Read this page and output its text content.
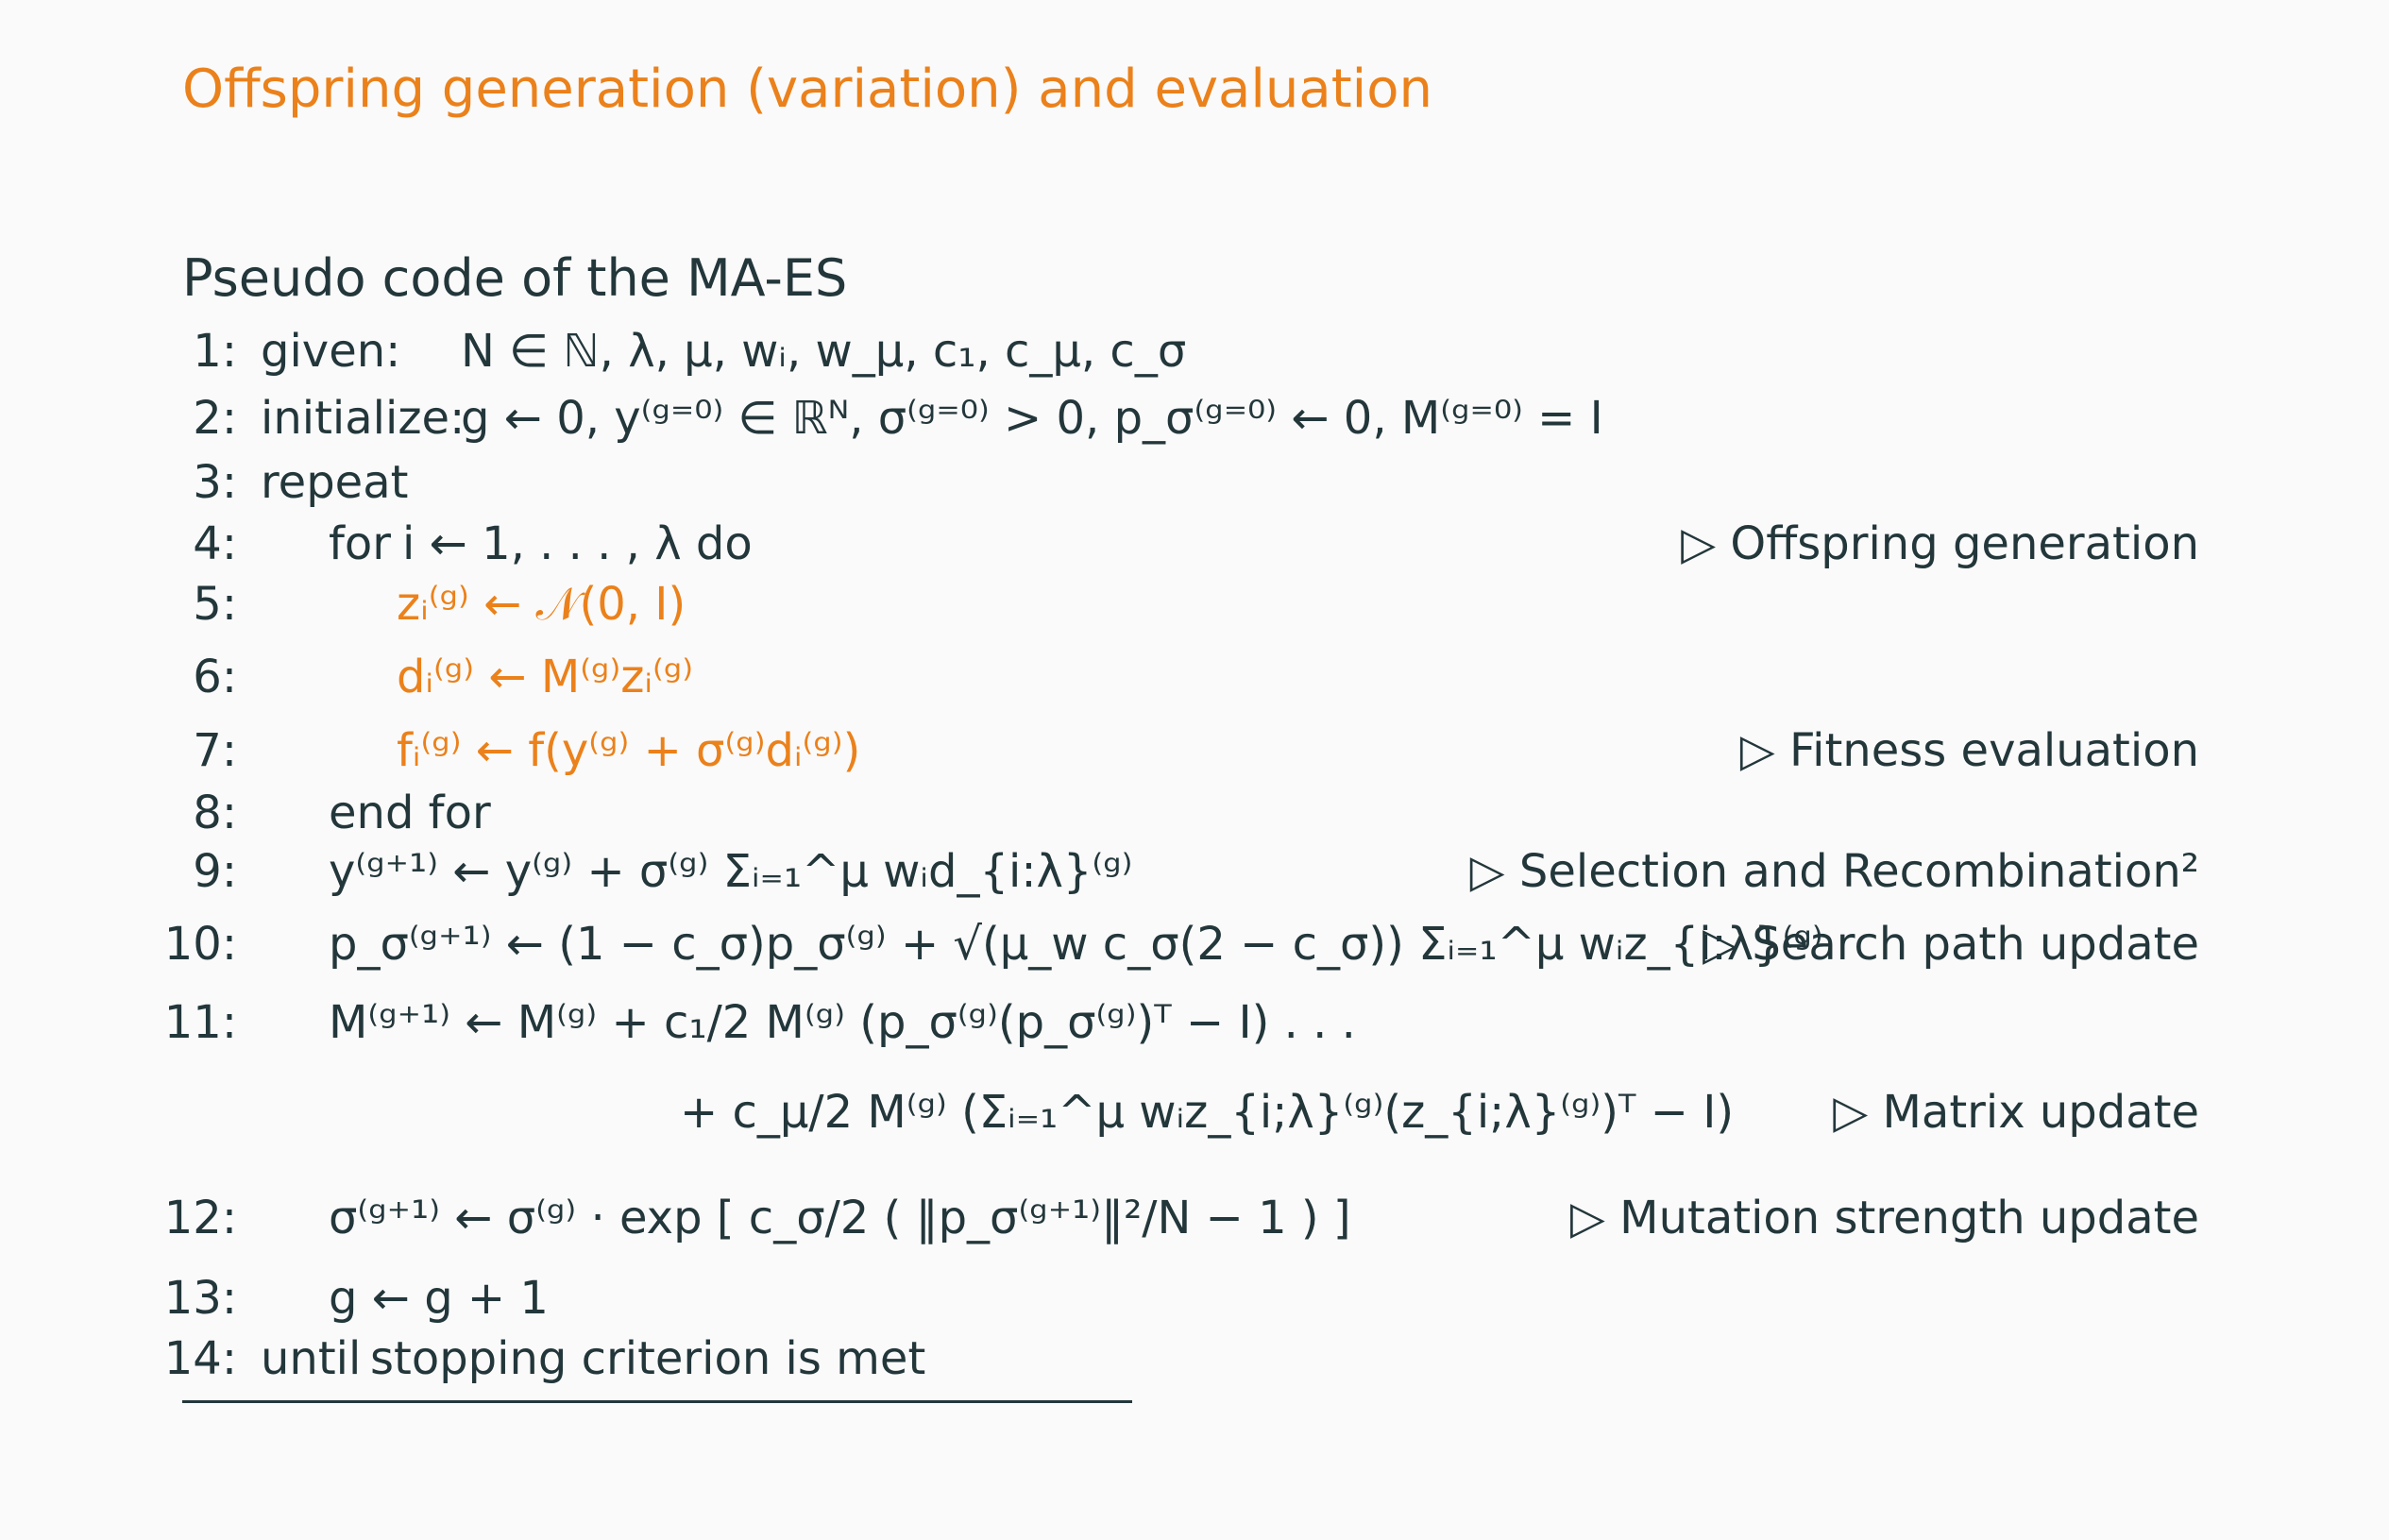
Offspring generation (variation) and evaluation
Pseudo code of the MA-ES
1: given: N ∈ ℕ, λ, μ, wᵢ, w_μ, c₁, c_μ, c_σ
2: initialize:
g ← 0, y⁽ᵍ⁼⁰⁾ ∈ ℝᴺ, σ⁽ᵍ⁼⁰⁾ > 0, p_σ⁽ᵍ⁼⁰⁾ ← 0, M⁽ᵍ⁼⁰⁾ = I
3: repeat
4: for i ← 1, . . . , λ do	▷ Offspring generation
5:	zᵢ⁽ᵍ⁾ ← 𝒩(0, I)
6:	dᵢ⁽ᵍ⁾ ← M⁽ᵍ⁾zᵢ⁽ᵍ⁾
7:	fᵢ⁽ᵍ⁾ ← f(y⁽ᵍ⁾ + σ⁽ᵍ⁾dᵢ⁽ᵍ⁾)	▷ Fitness evaluation
8: end for
9: y⁽ᵍ⁺¹⁾ ← y⁽ᵍ⁾ + σ⁽ᵍ⁾ Σᵢ₌₁^μ wᵢd_{i:λ}⁽ᵍ⁾	▷ Selection and Recombination²
10: p_σ⁽ᵍ⁺¹⁾ ← (1 − c_σ)p_σ⁽ᵍ⁾ + √(μ_w c_σ(2 − c_σ)) Σᵢ₌₁^μ wᵢz_{i:λ}⁽ᵍ⁾
▷ Search path update
11: M⁽ᵍ⁺¹⁾ ← M⁽ᵍ⁾ + c₁/2 M⁽ᵍ⁾ (p_σ⁽ᵍ⁾(p_σ⁽ᵍ⁾)ᵀ − I) . . .
+ c_μ/2 M⁽ᵍ⁾ (Σᵢ₌₁^μ wᵢz_{i;λ}⁽ᵍ⁾(z_{i;λ}⁽ᵍ⁾)ᵀ − I) ▷ Matrix update
12: σ⁽ᵍ⁺¹⁾ ← σ⁽ᵍ⁾ · exp [ c_σ/2 ( ‖p_σ⁽ᵍ⁺¹⁾‖²/N − 1 ) ]	▷ Mutation strength update
13: g ← g + 1
14: until stopping criterion is met
